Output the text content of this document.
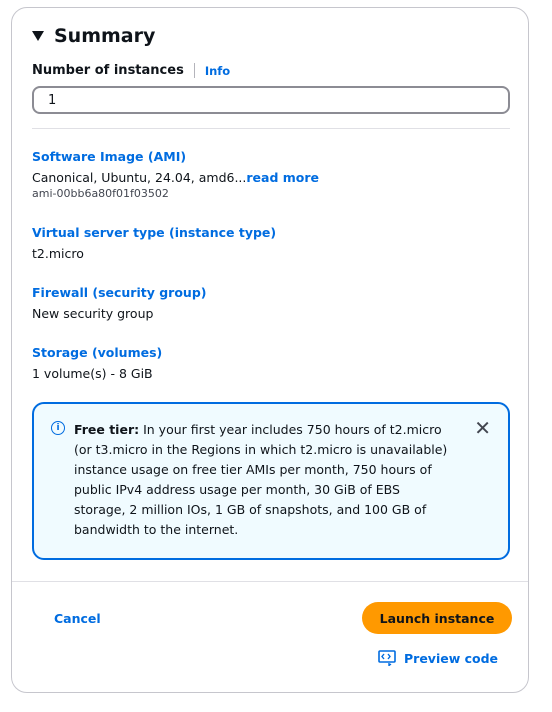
Summary
Number of instances Info
1
Software Image (AMI)
Canonical, Ubuntu, 24.04, amd6...read more
ami-00bb6a80f01f03502
Virtual server type (instance type)
t2.micro
Firewall (security group)
New security group
Storage (volumes)
1 volume(s) - 8 GiB
i	Free tier: In your first year includes 750 hours of t2.micro (or t3.micro in the Regions in which t2.micro is unavailable) instance usage on free tier AMIs per month, 750 hours of public IPv4 address usage per month, 30 GiB of EBS storage, 2 million IOs, 1 GB of snapshots, and 100 GB of bandwidth to the internet.
✕
Cancel	Launch instance
Preview code
